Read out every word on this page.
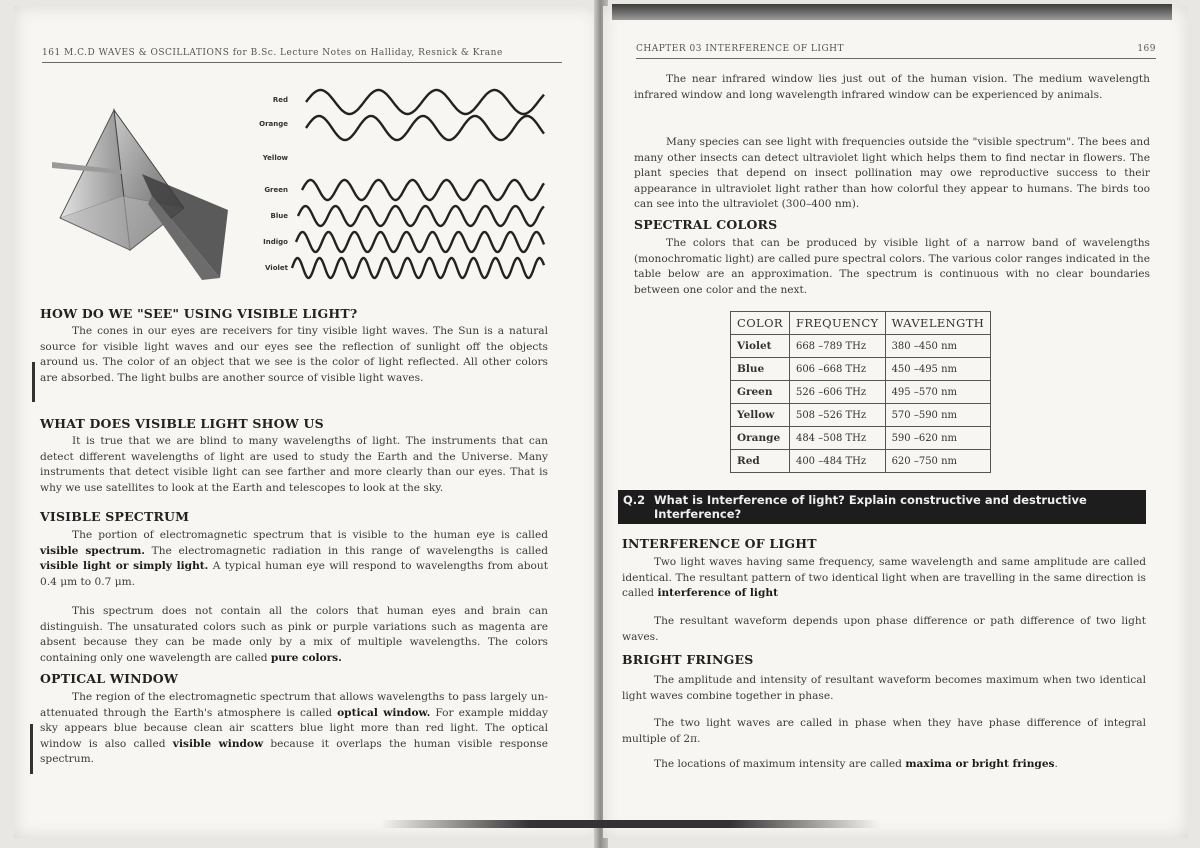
161 M.C.D WAVES & OSCILLATIONS for B.Sc. Lecture Notes on Halliday, Resnick & Krane
Red
Orange
Yellow
Green
Blue
Indigo
Violet
HOW DO WE "SEE" USING VISIBLE LIGHT?

The cones in our eyes are receivers for tiny visible light waves. The Sun is a natural source for visible light waves and our eyes see the reflection of sunlight off the objects around us. The color of an object that we see is the color of light reflected. All other colors are absorbed. The light bulbs are another source of visible light waves.

WHAT DOES VISIBLE LIGHT SHOW US

It is true that we are blind to many wavelengths of light. The instruments that can detect different wavelengths of light are used to study the Earth and the Universe. Many instruments that detect visible light can see farther and more clearly than our eyes. That is why we use satellites to look at the Earth and telescopes to look at the sky.

VISIBLE SPECTRUM

The portion of electromagnetic spectrum that is visible to the human eye is called visible spectrum. The electromagnetic radiation in this range of wavelengths is called visible light or simply light. A typical human eye will respond to wavelengths from about 0.4 μm to 0.7 μm.

This spectrum does not contain all the colors that human eyes and brain can distinguish. The unsaturated colors such as pink or purple variations such as magenta are absent because they can be made only by a mix of multiple wavelengths. The colors containing only one wavelength are called pure colors.

OPTICAL WINDOW

The region of the electromagnetic spectrum that allows wavelengths to pass largely un-attenuated through the Earth's atmosphere is called optical window. For example midday sky appears blue because clean air scatters blue light more than red light. The optical window is also called visible window because it overlaps the human visible response spectrum.

CHAPTER 03 INTERFERENCE OF LIGHT	169

The near infrared window lies just out of the human vision. The medium wavelength infrared window and long wavelength infrared window can be experienced by animals.

Many species can see light with frequencies outside the "visible spectrum". The bees and many other insects can detect ultraviolet light which helps them to find nectar in flowers. The plant species that depend on insect pollination may owe reproductive success to their appearance in ultraviolet light rather than how colorful they appear to humans. The birds too can see into the ultraviolet (300–400 nm).

SPECTRAL COLORS

The colors that can be produced by visible light of a narrow band of wavelengths (monochromatic light) are called pure spectral colors. The various color ranges indicated in the table below are an approximation. The spectrum is continuous with no clear boundaries between one color and the next.

COLOR	FREQUENCY	WAVELENGTH
Violet	668 –789 THz	380 –450 nm
Blue	606 –668 THz	450 –495 nm
Green	526 –606 THz	495 –570 nm
Yellow	508 –526 THz	570 –590 nm
Orange	484 –508 THz	590 –620 nm
Red	400 –484 THz	620 –750 nm
Q.2 What is Interference of light? Explain constructive and destructive Interference?
INTERFERENCE OF LIGHT

Two light waves having same frequency, same wavelength and same amplitude are called identical. The resultant pattern of two identical light when are travelling in the same direction is called interference of light

The resultant waveform depends upon phase difference or path difference of two light waves.

BRIGHT FRINGES

The amplitude and intensity of resultant waveform becomes maximum when two identical light waves combine together in phase.

The two light waves are called in phase when they have phase difference of integral multiple of 2π.

The locations of maximum intensity are called maxima or bright fringes.
